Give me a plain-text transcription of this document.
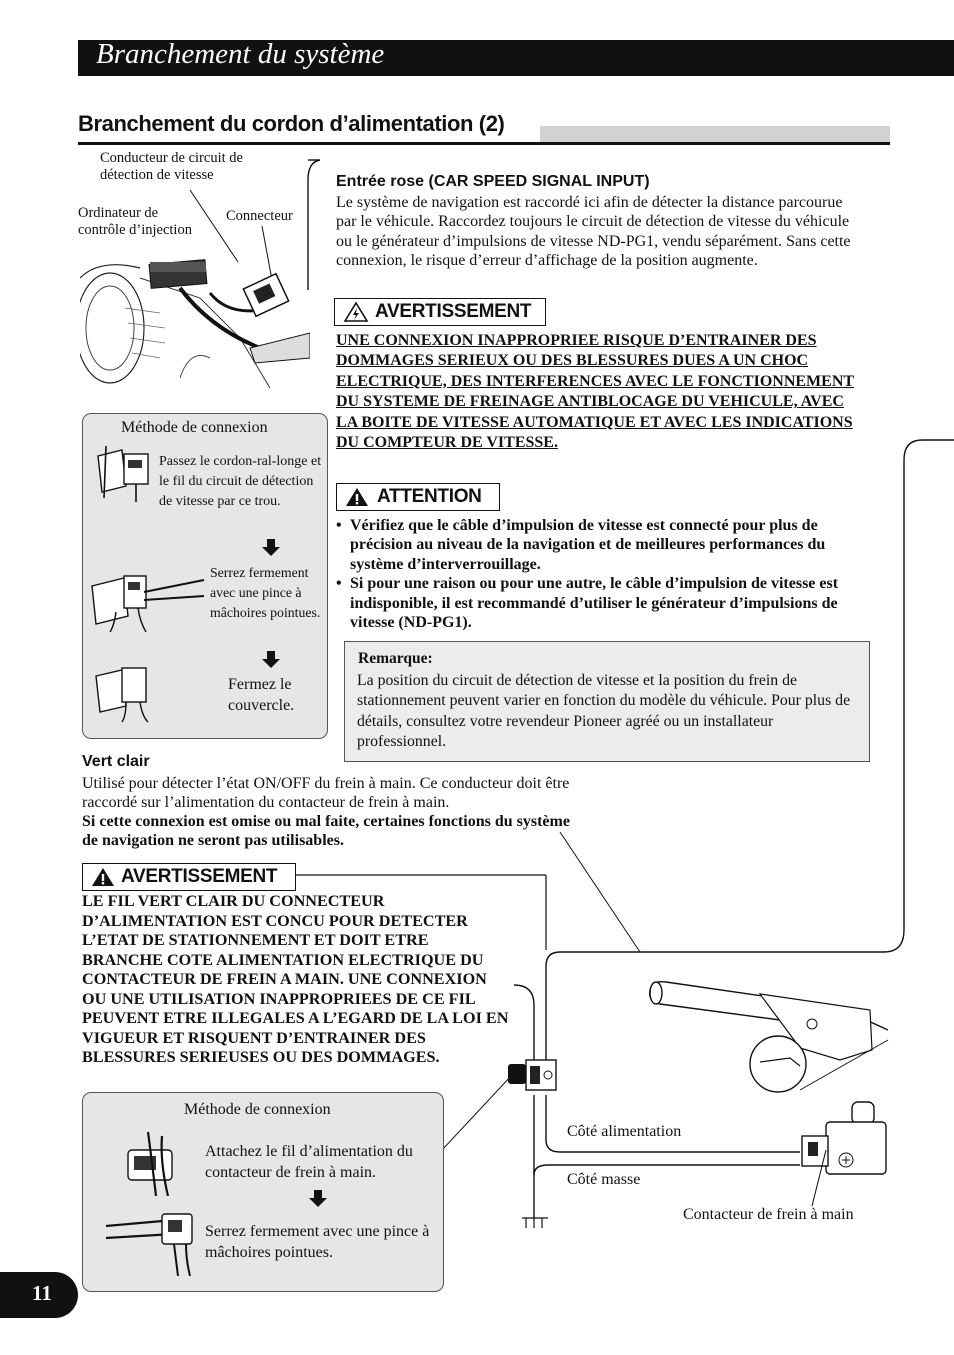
Branchement du système
Branchement du cordon d’alimentation (2)
Conducteur de circuit de
détection de vitesse
Ordinateur de
contrôle d’injection
Connecteur
Entrée rose (CAR SPEED SIGNAL INPUT)
Le système de navigation est raccordé ici afin de détecter la distance parcourue par le véhicule. Raccordez toujours le circuit de détection de vitesse du véhicule ou le générateur d’impulsions de vitesse ND-PG1, vendu séparément. Sans cette connexion, le risque d’erreur d’affichage de la position augmente.
AVERTISSEMENT
UNE CONNEXION INAPPROPRIEE RISQUE D’ENTRAINER DES DOMMAGES SERIEUX OU DES BLESSURES DUES A UN CHOC ELECTRIQUE, DES INTERFERENCES AVEC LE FONCTIONNEMENT DU SYSTEME DE FREINAGE ANTIBLOCAGE DU VEHICULE, AVEC LA BOITE DE VITESSE AUTOMATIQUE ET AVEC LES INDICATIONS DU COMPTEUR DE VITESSE.
ATTENTION
• Vérifiez que le câble d’impulsion de vitesse est connecté pour plus de précision au niveau de la navigation et de meilleures performances du système d’interverrouillage.
• Si pour une raison ou pour une autre, le câble d’impulsion de vitesse est indisponible, il est recommandé d’utiliser le générateur d’impulsions de vitesse (ND-PG1).
Méthode de connexion
Passez le cordon-ral-longe et le fil du circuit de détection de vitesse par ce trou.
Serrez fermement avec une pince à mâchoires pointues.
Fermez le couvercle.
Remarque:
La position du circuit de détection de vitesse et la position du frein de stationnement peuvent varier en fonction du modèle du véhicule. Pour plus de détails, consultez votre revendeur Pioneer agréé ou un installateur professionnel.
Vert clair
Utilisé pour détecter l’état ON/OFF du frein à main. Ce conducteur doit être raccordé sur l’alimentation du contacteur de frein à main.
Si cette connexion est omise ou mal faite, certaines fonctions du système de navigation ne seront pas utilisables.
AVERTISSEMENT
LE FIL VERT CLAIR DU CONNECTEUR D’ALIMENTATION EST CONCU POUR DETECTER L’ETAT DE STATIONNEMENT ET DOIT ETRE BRANCHE COTE ALIMENTATION ELECTRIQUE DU CONTACTEUR DE FREIN A MAIN. UNE CONNEXION OU UNE UTILISATION INAPPROPRIEES DE CE FIL PEUVENT ETRE ILLEGALES A L’EGARD DE LA LOI EN VIGUEUR ET RISQUENT D’ENTRAINER DES BLESSURES SERIEUSES OU DES DOMMAGES.
Méthode de connexion
Attachez le fil d’alimentation du contacteur de frein à main.
Serrez fermement avec une pince à mâchoires pointues.
Côté alimentation
Côté masse
Contacteur de frein à main
11
